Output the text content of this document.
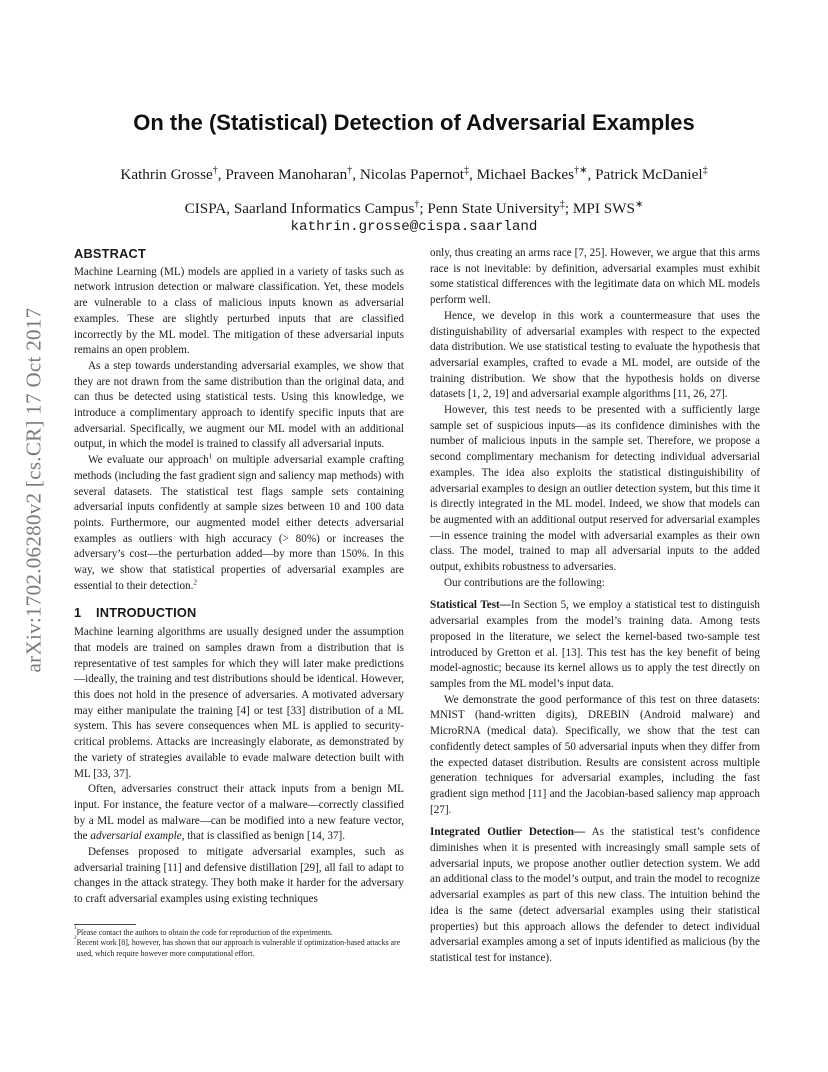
arXiv:1702.06280v2 [cs.CR] 17 Oct 2017
On the (Statistical) Detection of Adversarial Examples
Kathrin Grosse†, Praveen Manoharan†, Nicolas Papernot‡, Michael Backes†∗, Patrick McDaniel‡
CISPA, Saarland Informatics Campus†; Penn State University‡; MPI SWS∗
kathrin.grosse@cispa.saarland
ABSTRACT

Machine Learning (ML) models are applied in a variety of tasks such as network intrusion detection or malware classification. Yet, these models are vulnerable to a class of malicious inputs known as adversarial examples. These are slightly perturbed inputs that are classified incorrectly by the ML model. The mitigation of these adversarial inputs remains an open problem.

As a step towards understanding adversarial examples, we show that they are not drawn from the same distribution than the original data, and can thus be detected using statistical tests. Using this knowledge, we introduce a complimentary approach to identify specific inputs that are adversarial. Specifically, we augment our ML model with an additional output, in which the model is trained to classify all adversarial inputs.

We evaluate our approach$^1$ on multiple adversarial example crafting methods (including the fast gradient sign and saliency map methods) with several datasets. The statistical test flags sample sets containing adversarial inputs confidently at sample sizes between 10 and 100 data points. Furthermore, our augmented model either detects adversarial examples as outliers with high accuracy (> 80%) or increases the adversary’s cost—the perturbation added—by more than 150%. In this way, we show that statistical properties of adversarial examples are essential to their detection.$^2$

1 INTRODUCTION

Machine learning algorithms are usually designed under the assumption that models are trained on samples drawn from a distribution that is representative of test samples for which they will later make predictions—ideally, the training and test distributions should be identical. However, this does not hold in the presence of adversaries. A motivated adversary may either manipulate the training [4] or test [33] distribution of a ML system. This has severe consequences when ML is applied to security-critical problems. Attacks are increasingly elaborate, as demonstrated by the variety of strategies available to evade malware detection built with ML [33, 37].

Often, adversaries construct their attack inputs from a benign ML input. For instance, the feature vector of a malware—correctly classified by a ML model as malware—can be modified into a new feature vector, the adversarial example, that is classified as benign [14, 37].

Defenses proposed to mitigate adversarial examples, such as adversarial training [11] and defensive distillation [29], all fail to adapt to changes in the attack strategy. They both make it harder for the adversary to craft adversarial examples using existing techniques

only, thus creating an arms race [7, 25]. However, we argue that this arms race is not inevitable: by definition, adversarial examples must exhibit some statistical differences with the legitimate data on which ML models perform well.

Hence, we develop in this work a countermeasure that uses the distinguishability of adversarial examples with respect to the expected data distribution. We use statistical testing to evaluate the hypothesis that adversarial examples, crafted to evade a ML model, are outside of the training distribution. We show that the hypothesis holds on diverse datasets [1, 2, 19] and adversarial example algorithms [11, 26, 27].

However, this test needs to be presented with a sufficiently large sample set of suspicious inputs—as its confidence diminishes with the number of malicious inputs in the sample set. Therefore, we propose a second complimentary mechanism for detecting individual adversarial examples. The idea also exploits the statistical distinguishibility of adversarial examples to design an outlier detection system, but this time it is directly integrated in the ML model. Indeed, we show that models can be augmented with an additional output reserved for adversarial examples—in essence training the model with adversarial examples as their own class. The model, trained to map all adversarial inputs to the added output, exhibits robustness to adversaries.

Our contributions are the following:

Statistical Test—In Section 5, we employ a statistical test to distinguish adversarial examples from the model’s training data. Among tests proposed in the literature, we select the kernel-based two-sample test introduced by Gretton et al. [13]. This test has the key benefit of being model-agnostic; because its kernel allows us to apply the test directly on samples from the ML model’s input data.

We demonstrate the good performance of this test on three datasets: MNIST (hand-written digits), DREBIN (Android malware) and MicroRNA (medical data). Specifically, we show that the test can confidently detect samples of 50 adversarial inputs when they differ from the expected dataset distribution. Results are consistent across multiple generation techniques for adversarial examples, including the fast gradient sign method [11] and the Jacobian-based saliency map approach [27].

Integrated Outlier Detection— As the statistical test’s confidence diminishes when it is presented with increasingly small sample sets of adversarial inputs, we propose another outlier detection system. We add an additional class to the model’s output, and train the model to recognize adversarial examples as part of this new class. The intuition behind the idea is the same (detect adversarial examples using their statistical properties) but this approach allows the defender to detect individual adversarial examples among a set of inputs identified as malicious (by the statistical test for instance).

1 Please contact the authors to obtain the code for reproduction of the experiments.
2 Recent work [8], however, has shown that our approach is vulnerable if optimization-based attacks are used, which require however more computational effort.
